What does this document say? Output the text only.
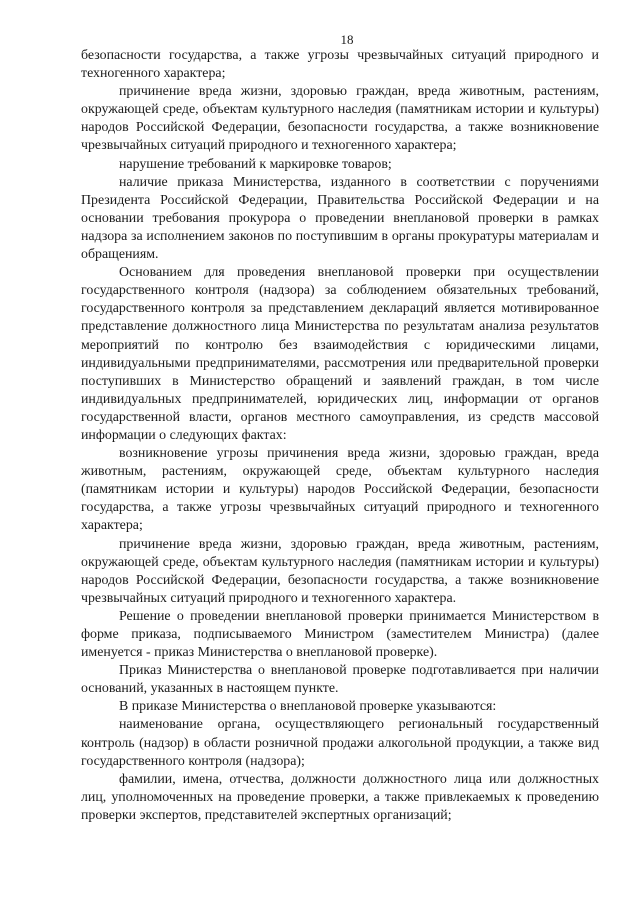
18

безопасности государства, а также угрозы чрезвычайных ситуаций природного и техногенного характера;

причинение вреда жизни, здоровью граждан, вреда животным, растениям, окружающей среде, объектам культурного наследия (памятникам истории и культуры) народов Российской Федерации, безопасности государства, а также возникновение чрезвычайных ситуаций природного и техногенного характера;

нарушение требований к маркировке товаров;

наличие приказа Министерства, изданного в соответствии с поручениями Президента Российской Федерации, Правительства Российской Федерации и на основании требования прокурора о проведении внеплановой проверки в рамках надзора за исполнением законов по поступившим в органы прокуратуры материалам и обращениям.

Основанием для проведения внеплановой проверки при осуществлении государственного контроля (надзора) за соблюдением обязательных требований, государственного контроля за представлением деклараций является мотивированное представление должностного лица Министерства по результатам анализа результатов мероприятий по контролю без взаимодействия с юридическими лицами, индивидуальными предпринимателями, рассмотрения или предварительной проверки поступивших в Министерство обращений и заявлений граждан, в том числе индивидуальных предпринимателей, юридических лиц, информации от органов государственной власти, органов местного самоуправления, из средств массовой информации о следующих фактах:

возникновение угрозы причинения вреда жизни, здоровью граждан, вреда животным, растениям, окружающей среде, объектам культурного наследия (памятникам истории и культуры) народов Российской Федерации, безопасности государства, а также угрозы чрезвычайных ситуаций природного и техногенного характера;

причинение вреда жизни, здоровью граждан, вреда животным, растениям, окружающей среде, объектам культурного наследия (памятникам истории и культуры) народов Российской Федерации, безопасности государства, а также возникновение чрезвычайных ситуаций природного и техногенного характера.

Решение о проведении внеплановой проверки принимается Министерством в форме приказа, подписываемого Министром (заместителем Министра) (далее именуется - приказ Министерства о внеплановой проверке).

Приказ Министерства о внеплановой проверке подготавливается при наличии оснований, указанных в настоящем пункте.

В приказе Министерства о внеплановой проверке указываются:

наименование органа, осуществляющего региональный государственный контроль (надзор) в области розничной продажи алкогольной продукции, а также вид государственного контроля (надзора);

фамилии, имена, отчества, должности должностного лица или должностных лиц, уполномоченных на проведение проверки, а также привлекаемых к проведению проверки экспертов, представителей экспертных организаций;
